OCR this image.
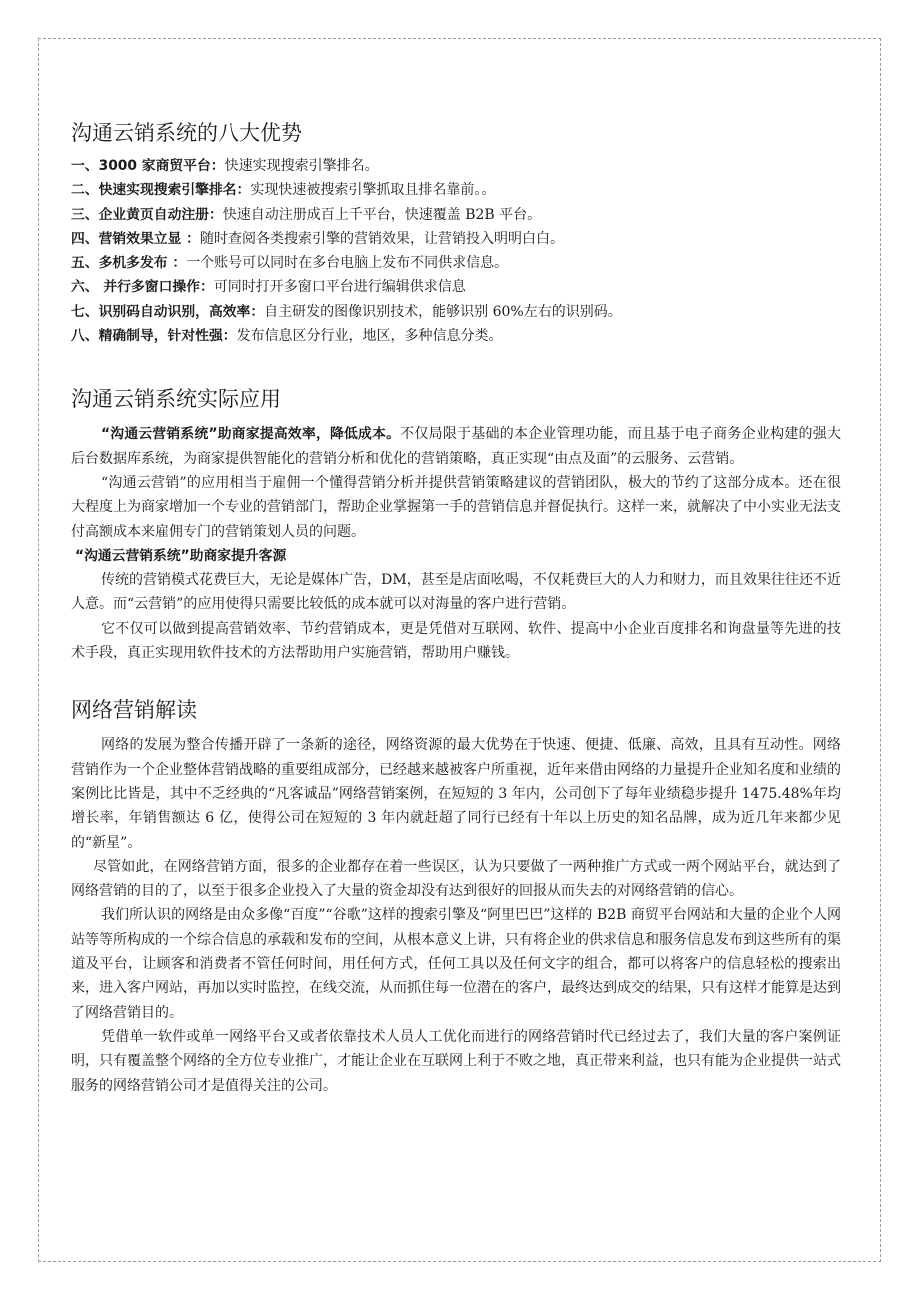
沟通云销系统的八大优势
一、3000 家商贸平台：快速实现搜索引擎排名。
二、快速实现搜索引擎排名：实现快速被搜索引擎抓取且排名靠前。。
三、企业黄页自动注册：快速自动注册成百上千平台，快速覆盖 B2B 平台。
四、营销效果立显 ：随时查阅各类搜索引擎的营销效果，让营销投入明明白白。
五、多机多发布 ：一个账号可以同时在多台电脑上发布不同供求信息。
六、 并行多窗口操作：可同时打开多窗口平台进行编辑供求信息
七、识别码自动识别，高效率：自主研发的图像识别技术，能够识别 60%左右的识别码。
八、精确制导，针对性强：发布信息区分行业，地区，多种信息分类。
沟通云销系统实际应用

“沟通云营销系统”助商家提高效率，降低成本。不仅局限于基础的本企业管理功能，而且基于电子商务企业构建的强大后台数据库系统，为商家提供智能化的营销分析和优化的营销策略，真正实现“由点及面”的云服务、云营销。

“沟通云营销”的应用相当于雇佣一个懂得营销分析并提供营销策略建议的营销团队，极大的节约了这部分成本。还在很大程度上为商家增加一个专业的营销部门，帮助企业掌握第一手的营销信息并督促执行。这样一来，就解决了中小实业无法支付高额成本来雇佣专门的营销策划人员的问题。

“沟通云营销系统”助商家提升客源

传统的营销模式花费巨大，无论是媒体广告，DM，甚至是店面吆喝，不仅耗费巨大的人力和财力，而且效果往往还不近人意。而“云营销”的应用使得只需要比较低的成本就可以对海量的客户进行营销。

它不仅可以做到提高营销效率、节约营销成本，更是凭借对互联网、软件、提高中小企业百度排名和询盘量等先进的技术手段，真正实现用软件技术的方法帮助用户实施营销，帮助用户赚钱。

网络营销解读

网络的发展为整合传播开辟了一条新的途径，网络资源的最大优势在于快速、便捷、低廉、高效，且具有互动性。网络营销作为一个企业整体营销战略的重要组成部分，已经越来越被客户所重视，近年来借由网络的力量提升企业知名度和业绩的案例比比皆是，其中不乏经典的“凡客诚品”网络营销案例，在短短的 3 年内，公司创下了每年业绩稳步提升 1475.48%年均增长率，年销售额达 6 亿，使得公司在短短的 3 年内就赶超了同行已经有十年以上历史的知名品牌，成为近几年来都少见的“新星”。

尽管如此，在网络营销方面，很多的企业都存在着一些误区，认为只要做了一两种推广方式或一两个网站平台，就达到了网络营销的目的了，以至于很多企业投入了大量的资金却没有达到很好的回报从而失去的对网络营销的信心。

我们所认识的网络是由众多像“百度”“谷歌”这样的搜索引擎及“阿里巴巴”这样的 B2B 商贸平台网站和大量的企业个人网站等等所构成的一个综合信息的承载和发布的空间，从根本意义上讲，只有将企业的供求信息和服务信息发布到这些所有的渠道及平台，让顾客和消费者不管任何时间，用任何方式，任何工具以及任何文字的组合，都可以将客户的信息轻松的搜索出来，进入客户网站，再加以实时监控，在线交流，从而抓住每一位潜在的客户，最终达到成交的结果，只有这样才能算是达到了网络营销目的。

凭借单一软件或单一网络平台又或者依靠技术人员人工优化而进行的网络营销时代已经过去了，我们大量的客户案例证明，只有覆盖整个网络的全方位专业推广，才能让企业在互联网上利于不败之地，真正带来利益，也只有能为企业提供一站式服务的网络营销公司才是值得关注的公司。
